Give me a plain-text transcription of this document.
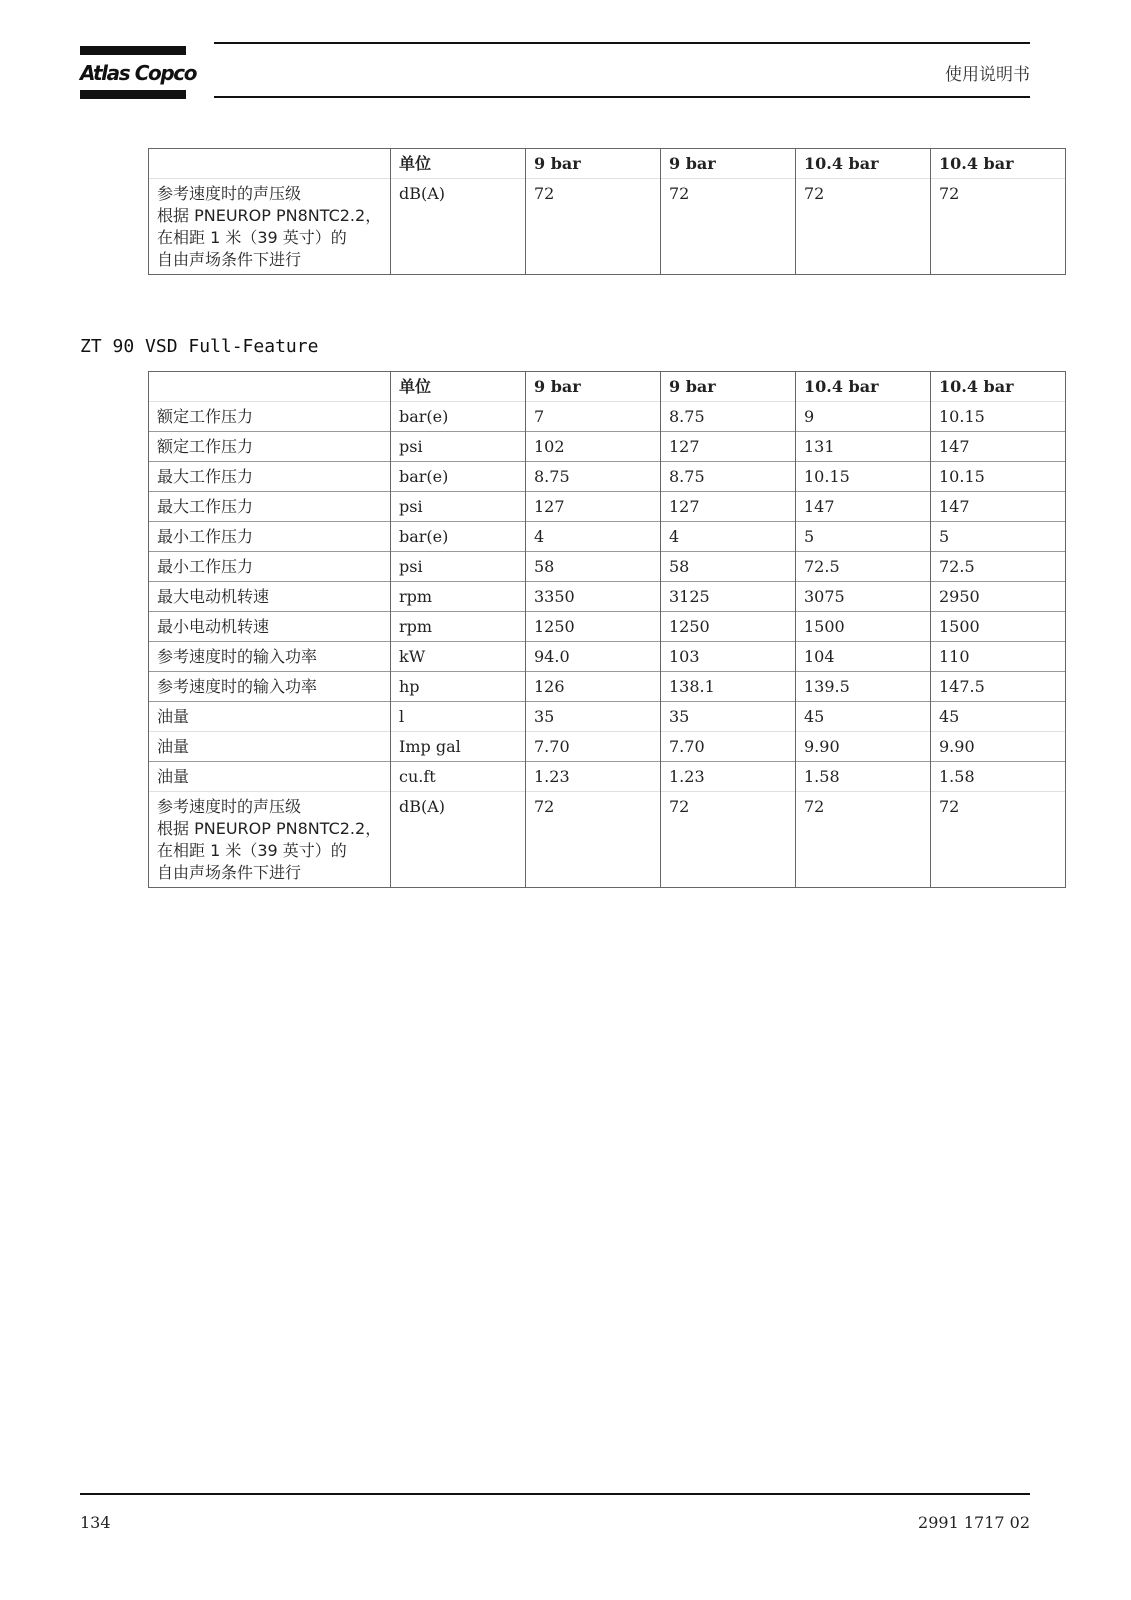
Atlas Copco	使用说明书
	单位	9 bar	9 bar	10.4 bar	10.4 bar
参考速度时的声压级
根据 PNEUROP PN8NTC2.2，
在相距 1 米（39 英寸）的
自由声场条件下进行	dB(A)	72	72	72	72
ZT 90 VSD Full-Feature
	单位	9 bar	9 bar	10.4 bar	10.4 bar
额定工作压力	bar(e)	7	8.75	9	10.15
额定工作压力	psi	102	127	131	147
最大工作压力	bar(e)	8.75	8.75	10.15	10.15
最大工作压力	psi	127	127	147	147
最小工作压力	bar(e)	4	4	5	5
最小工作压力	psi	58	58	72.5	72.5
最大电动机转速	rpm	3350	3125	3075	2950
最小电动机转速	rpm	1250	1250	1500	1500
参考速度时的输入功率	kW	94.0	103	104	110
参考速度时的输入功率	hp	126	138.1	139.5	147.5
油量	l	35	35	45	45
油量	Imp gal	7.70	7.70	9.90	9.90
油量	cu.ft	1.23	1.23	1.58	1.58
参考速度时的声压级
根据 PNEUROP PN8NTC2.2，
在相距 1 米（39 英寸）的
自由声场条件下进行	dB(A)	72	72	72	72
134	2991 1717 02
